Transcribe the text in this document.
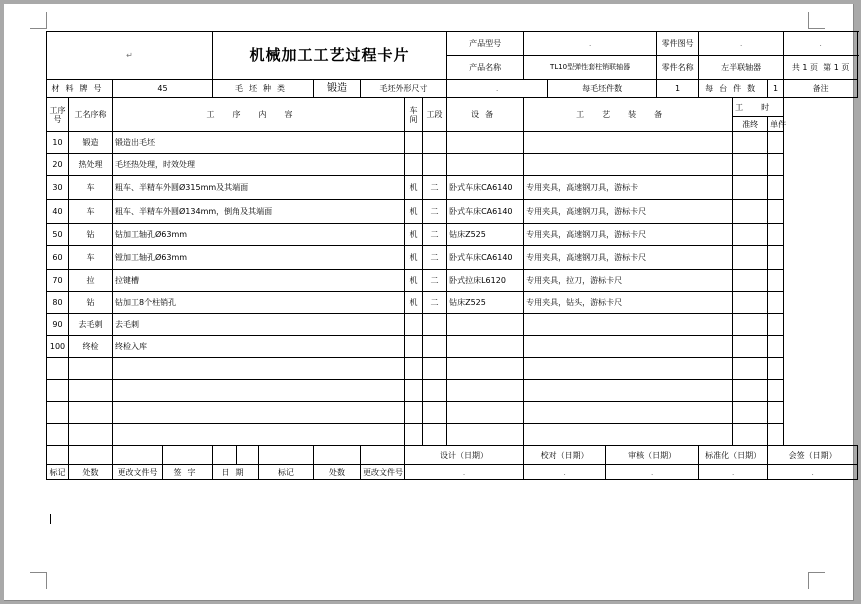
↵				机械加工工艺过程卡片							产品型号	.			零件图号	.			.
											产品名称	TL10型弹性套柱销联轴器			零件名称	左半联轴器			共 1 页 第 1 页
材料牌号		45		毛坯种类			锻造	毛坯外形尺寸			.		每毛坯件数		1	每台件数		1	备注
工序号	工名序称	工序内容							车间	工段	设备	工艺装备					工时		
																	准终	单件	
10	锻造	锻造出毛坯																	
20	热处理	毛坯热处理，时效处理																	
30	车	粗车、半精车外圆Ø315mm及其端面							机	二	卧式车床CA6140	专用夹具，高速钢刀具，游标卡							
40	车	粗车、半精车外圆Ø134mm，倒角及其端面							机	二	卧式车床CA6140	专用夹具，高速钢刀具，游标卡尺							
50	钻	钻加工轴孔Ø63mm							机	二	钻床Z525	专用夹具，高速钢刀具，游标卡尺							
60	车	镗加工轴孔Ø63mm							机	二	卧式车床CA6140	专用夹具，高速钢刀具，游标卡尺							
70	拉	拉键槽							机	二	卧式拉床L6120	专用夹具，拉刀，游标卡尺							
80	钻	钻加工8个柱销孔							机	二	钻床Z525	专用夹具，钻头，游标卡尺							
90	去毛刺	去毛刺																	
100	终检	终检入库																	

									设计（日期）			校对（日期）		审核（日期）		标准化（日期）		会签（日期）	
标记	处数	更改文件号	签字	日期		标记	处数	更改文件号	.			.		.		.		.	
